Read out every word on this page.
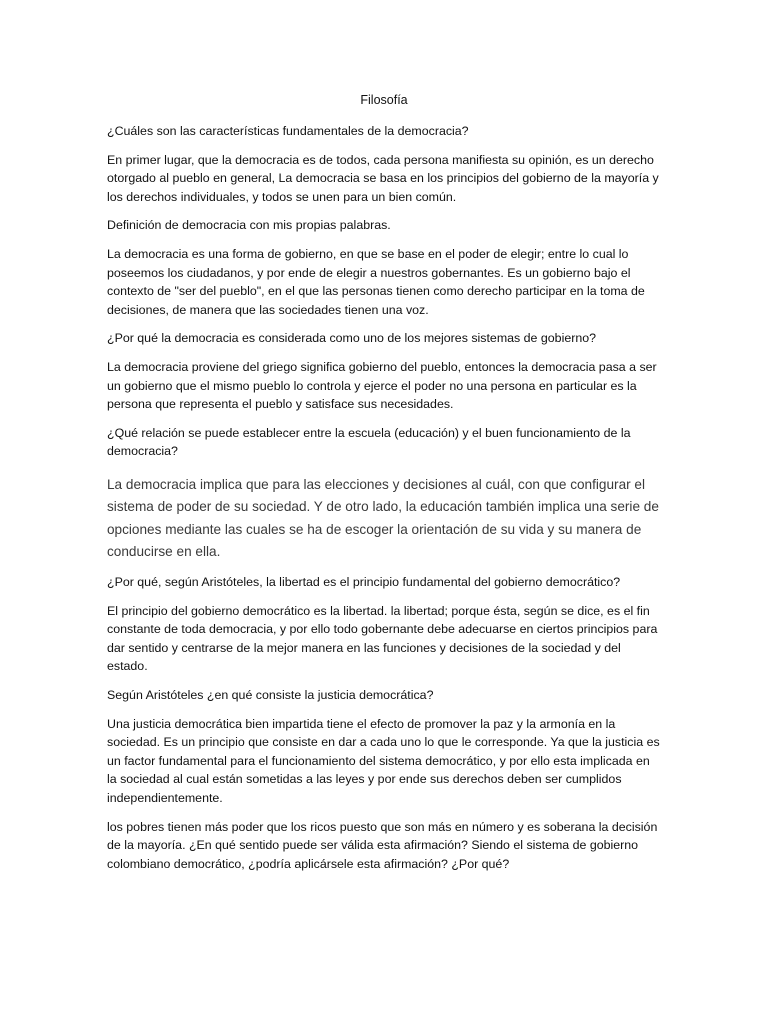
Filosofía

¿Cuáles son las características fundamentales de la democracia?

En primer lugar, que la democracia es de todos, cada persona manifiesta su opinión, es un derecho otorgado al pueblo en general, La democracia se basa en los principios del gobierno de la mayoría y los derechos individuales, y todos se unen para un bien común.

Definición de democracia con mis propias palabras.

La democracia es una forma de gobierno, en que se base en el poder de elegir; entre lo cual lo poseemos los ciudadanos, y por ende de elegir a nuestros gobernantes. Es un gobierno bajo el contexto de "ser del pueblo", en el que las personas tienen como derecho participar en la toma de decisiones, de manera que las sociedades tienen una voz.

¿Por qué la democracia es considerada como uno de los mejores sistemas de gobierno?

La democracia proviene del griego significa gobierno del pueblo, entonces la democracia pasa a ser un gobierno que el mismo pueblo lo controla y ejerce el poder no una persona en particular es la persona que representa el pueblo y satisface sus necesidades.

¿Qué relación se puede establecer entre la escuela (educación) y el buen funcionamiento de la democracia?

La democracia implica que para las elecciones y decisiones al cuál, con que configurar el sistema de poder de su sociedad. Y de otro lado, la educación también implica una serie de opciones mediante las cuales se ha de escoger la orientación de su vida y su manera de conducirse en ella.

¿Por qué, según Aristóteles, la libertad es el principio fundamental del gobierno democrático?

El principio del gobierno democrático es la libertad. la libertad; porque ésta, según se dice, es el fin constante de toda democracia, y por ello todo gobernante debe adecuarse en ciertos principios para dar sentido y centrarse de la mejor manera en las funciones y decisiones de la sociedad y del estado.

Según Aristóteles ¿en qué consiste la justicia democrática?

Una justicia democrática bien impartida tiene el efecto de promover la paz y la armonía en la sociedad. Es un principio que consiste en dar a cada uno lo que le corresponde. Ya que la justicia es un factor fundamental para el funcionamiento del sistema democrático, y por ello esta implicada en la sociedad al cual están sometidas a las leyes y por ende sus derechos deben ser cumplidos independientemente.

los pobres tienen más poder que los ricos puesto que son más en número y es soberana la decisión de la mayoría. ¿En qué sentido puede ser válida esta afirmación? Siendo el sistema de gobierno colombiano democrático, ¿podría aplicársele esta afirmación? ¿Por qué?
